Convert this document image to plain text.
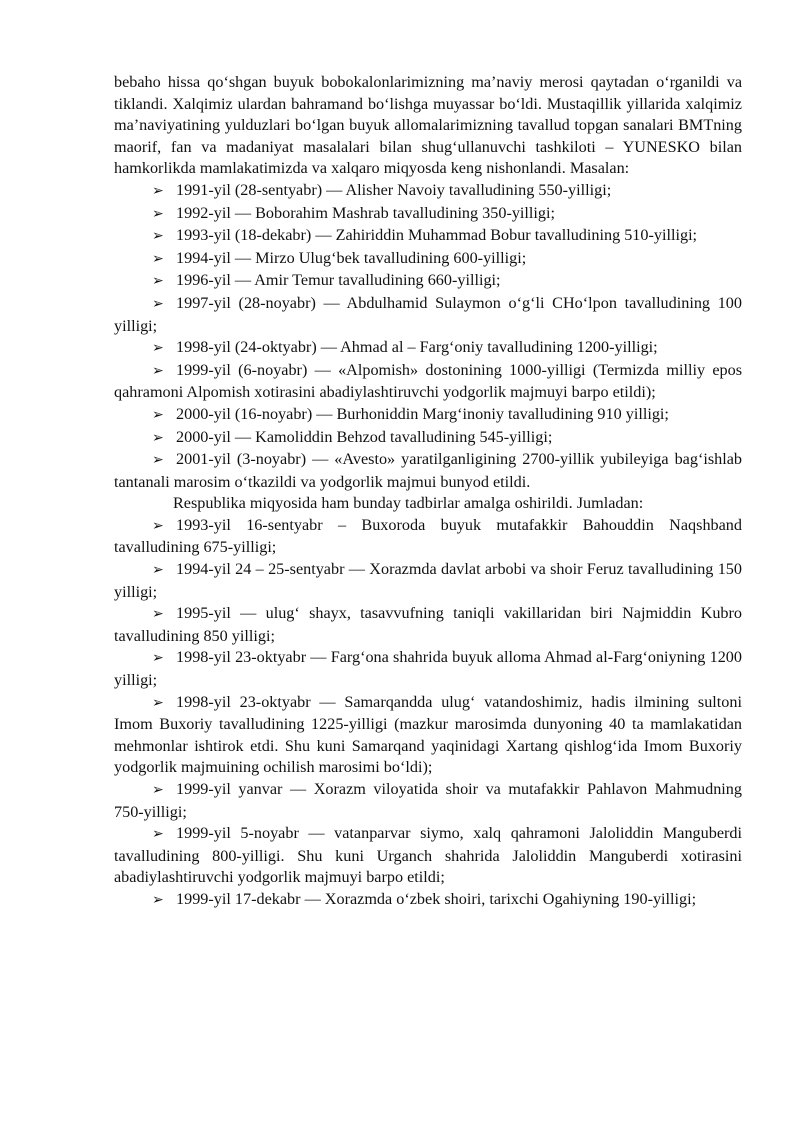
bebaho hissa qo‘shgan buyuk bobokalonlarimizning ma’naviy merosi qaytadan o‘rganildi va tiklandi. Xalqimiz ulardan bahramand bo‘lishga muyassar bo‘ldi. Mustaqillik yillarida xalqimiz ma’naviyatining yulduzlari bo‘lgan buyuk allomalarimizning tavallud topgan sanalari BMTning maorif, fan va madaniyat masalalari bilan shug‘ullanuvchi tashkiloti – YUNESKO bilan hamkorlikda mamlakatimizda va xalqaro miqyosda keng nishonlandi. Masalan:

➢ 1991-yil (28-sentyabr) — Alisher Navoiy tavalludining 550-yilligi;

➢ 1992-yil — Boborahim Mashrab tavalludining 350-yilligi;

➢ 1993-yil (18-dekabr) — Zahiriddin Muhammad Bobur tavalludining 510-yilligi;

➢ 1994-yil — Mirzo Ulug‘bek tavalludining 600-yilligi;

➢ 1996-yil — Amir Temur tavalludining 660-yilligi;

➢ 1997-yil (28-noyabr) — Abdulhamid Sulaymon o‘g‘li CHo‘lpon tavalludining 100 yilligi;

➢ 1998-yil (24-oktyabr) — Ahmad al – Farg‘oniy tavalludining 1200-yilligi;

➢ 1999-yil (6-noyabr) — «Alpomish» dostonining 1000-yilligi (Termizda milliy epos qahramoni Alpomish xotirasini abadiylashtiruvchi yodgorlik majmuyi barpo etildi);

➢ 2000-yil (16-noyabr) — Burhoniddin Marg‘inoniy tavalludining 910 yilligi;

➢ 2000-yil — Kamoliddin Behzod tavalludining 545-yilligi;

➢ 2001-yil (3-noyabr) — «Avesto» yaratilganligining 2700-yillik yubileyiga bag‘ishlab tantanali marosim o‘tkazildi va yodgorlik majmui bunyod etildi.

Respublika miqyosida ham bunday tadbirlar amalga oshirildi. Jumladan:

➢ 1993-yil 16-sentyabr – Buxoroda buyuk mutafakkir Bahouddin Naqshband tavalludining 675-yilligi;

➢ 1994-yil 24 – 25-sentyabr — Xorazmda davlat arbobi va shoir Feruz tavalludining 150 yilligi;

➢ 1995-yil — ulug‘ shayx, tasavvufning taniqli vakillaridan biri Najmiddin Kubro tavalludining 850 yilligi;

➢ 1998-yil 23-oktyabr — Farg‘ona shahrida buyuk alloma Ahmad al-Farg‘oniyning 1200 yilligi;

➢ 1998-yil 23-oktyabr — Samarqandda ulug‘ vatandoshimiz, hadis ilmining sultoni Imom Buxoriy tavalludining 1225-yilligi (mazkur marosimda dunyoning 40 ta mamlakatidan mehmonlar ishtirok etdi. Shu kuni Samarqand yaqinidagi Xartang qishlog‘ida Imom Buxoriy yodgorlik majmuining ochilish marosimi bo‘ldi);

➢ 1999-yil yanvar — Xorazm viloyatida shoir va mutafakkir Pahlavon Mahmudning 750-yilligi;

➢ 1999-yil 5-noyabr — vatanparvar siymo, xalq qahramoni Jaloliddin Manguberdi tavalludining 800-yilligi. Shu kuni Urganch shahrida Jaloliddin Manguberdi xotirasini abadiylashtiruvchi yodgorlik majmuyi barpo etildi;

➢ 1999-yil 17-dekabr — Xorazmda o‘zbek shoiri, tarixchi Ogahiyning 190-yilligi;
